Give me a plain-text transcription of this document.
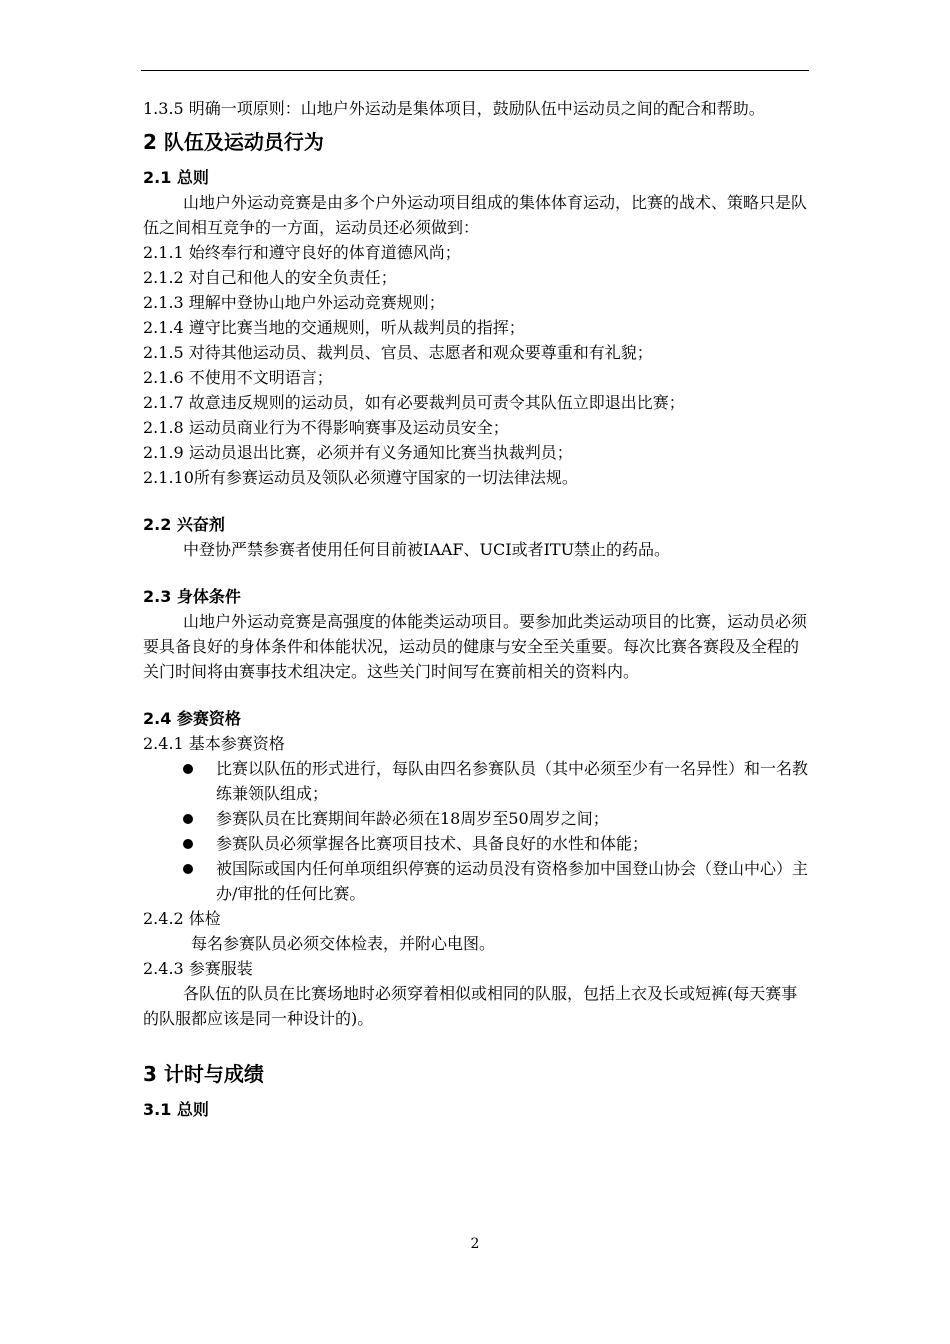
1.3.5 明确一项原则：山地户外运动是集体项目，鼓励队伍中运动员之间的配合和帮助。

2 队伍及运动员行为

2.1 总则

山地户外运动竞赛是由多个户外运动项目组成的集体体育运动，比赛的战术、策略只是队伍之间相互竞争的一方面，运动员还必须做到：

2.1.1 始终奉行和遵守良好的体育道德风尚；

2.1.2 对自己和他人的安全负责任；

2.1.3 理解中登协山地户外运动竞赛规则；

2.1.4 遵守比赛当地的交通规则，听从裁判员的指挥；

2.1.5 对待其他运动员、裁判员、官员、志愿者和观众要尊重和有礼貌；

2.1.6 不使用不文明语言；

2.1.7 故意违反规则的运动员，如有必要裁判员可责令其队伍立即退出比赛；

2.1.8 运动员商业行为不得影响赛事及运动员安全；

2.1.9 运动员退出比赛，必须并有义务通知比赛当执裁判员；

2.1.10所有参赛运动员及领队必须遵守国家的一切法律法规。

2.2 兴奋剂

中登协严禁参赛者使用任何目前被IAAF、UCI或者ITU禁止的药品。

2.3 身体条件

山地户外运动竞赛是高强度的体能类运动项目。要参加此类运动项目的比赛，运动员必须要具备良好的身体条件和体能状况，运动员的健康与安全至关重要。每次比赛各赛段及全程的关门时间将由赛事技术组决定。这些关门时间写在赛前相关的资料内。

2.4 参赛资格

2.4.1 基本参赛资格

比赛以队伍的形式进行，每队由四名参赛队员（其中必须至少有一名异性）和一名教练兼领队组成；
参赛队员在比赛期间年龄必须在18周岁至50周岁之间；
参赛队员必须掌握各比赛项目技术、具备良好的水性和体能；
被国际或国内任何单项组织停赛的运动员没有资格参加中国登山协会（登山中心）主办/审批的任何比赛。

2.4.2 体检

每名参赛队员必须交体检表，并附心电图。

2.4.3 参赛服装

各队伍的队员在比赛场地时必须穿着相似或相同的队服，包括上衣及长或短裤(每天赛事的队服都应该是同一种设计的)。

3 计时与成绩

3.1 总则

2
